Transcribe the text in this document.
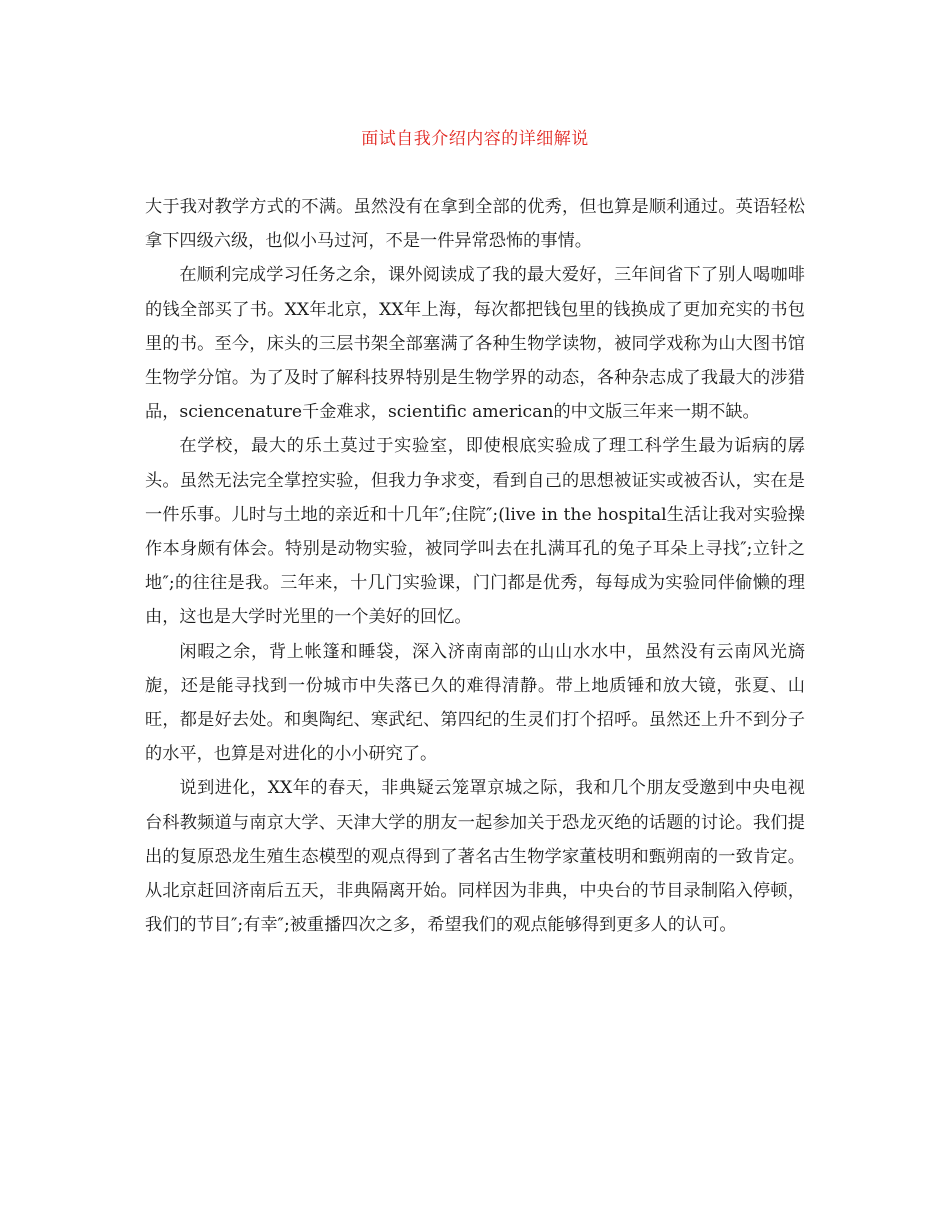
面试自我介绍内容的详细解说

大于我对教学方式的不满。虽然没有在拿到全部的优秀，但也算是顺利通过。英语轻松拿下四级六级，也似小马过河，不是一件异常恐怖的事情。

在顺利完成学习任务之余，课外阅读成了我的最大爱好，三年间省下了别人喝咖啡的钱全部买了书。XX年北京，XX年上海，每次都把钱包里的钱换成了更加充实的书包里的书。至今，床头的三层书架全部塞满了各种生物学读物，被同学戏称为山大图书馆生物学分馆。为了及时了解科技界特别是生物学界的动态，各种杂志成了我最大的涉猎品，sciencenature千金难求，scientific american的中文版三年来一期不缺。

在学校，最大的乐土莫过于实验室，即使根底实验成了理工科学生最为诟病的孱头。虽然无法完全掌控实验，但我力争求变，看到自己的思想被证实或被否认，实在是一件乐事。儿时与土地的亲近和十几年″;住院″;(live in the hospital生活让我对实验操作本身颇有体会。特别是动物实验，被同学叫去在扎满耳孔的兔子耳朵上寻找″;立针之地″;的往往是我。三年来，十几门实验课，门门都是优秀，每每成为实验同伴偷懒的理由，这也是大学时光里的一个美好的回忆。

闲暇之余，背上帐篷和睡袋，深入济南南部的山山水水中，虽然没有云南风光旖旎，还是能寻找到一份城市中失落已久的难得清静。带上地质锤和放大镜，张夏、山旺，都是好去处。和奥陶纪、寒武纪、第四纪的生灵们打个招呼。虽然还上升不到分子的水平，也算是对进化的小小研究了。

说到进化，XX年的春天，非典疑云笼罩京城之际，我和几个朋友受邀到中央电视台科教频道与南京大学、天津大学的朋友一起参加关于恐龙灭绝的话题的讨论。我们提出的复原恐龙生殖生态模型的观点得到了著名古生物学家董枝明和甄朔南的一致肯定。从北京赶回济南后五天，非典隔离开始。同样因为非典，中央台的节目录制陷入停顿，我们的节目″;有幸″;被重播四次之多，希望我们的观点能够得到更多人的认可。
